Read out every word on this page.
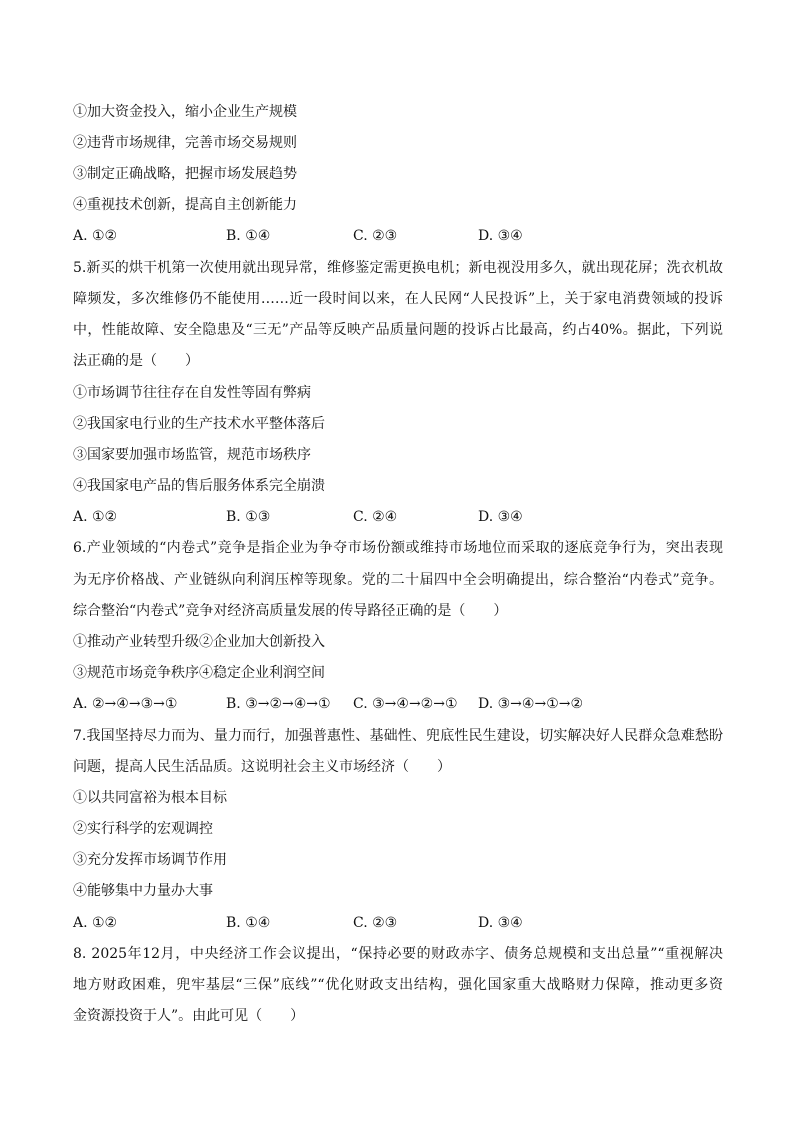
①加大资金投入，缩小企业生产规模
②违背市场规律，完善市场交易规则
③制定正确战略，把握市场发展趋势
④重视技术创新，提高自主创新能力
A. ①②	B. ①④	C. ②③	D. ③④
5.新买的烘干机第一次使用就出现异常，维修鉴定需更换电机；新电视没用多久，就出现花屏；洗衣机故
障频发，多次维修仍不能使用……近一段时间以来，在人民网“人民投诉”上，关于家电消费领域的投诉
中，性能故障、安全隐患及“三无”产品等反映产品质量问题的投诉占比最高，约占40%。据此，下列说
法正确的是（　　）
①市场调节往往存在自发性等固有弊病
②我国家电行业的生产技术水平整体落后
③国家要加强市场监管，规范市场秩序
④我国家电产品的售后服务体系完全崩溃
A. ①②	B. ①③	C. ②④	D. ③④
6.产业领域的“内卷式”竞争是指企业为争夺市场份额或维持市场地位而采取的逐底竞争行为，突出表现
为无序价格战、产业链纵向利润压榨等现象。党的二十届四中全会明确提出，综合整治“内卷式”竞争。
综合整治“内卷式”竞争对经济高质量发展的传导路径正确的是（　　）
①推动产业转型升级②企业加大创新投入
③规范市场竞争秩序④稳定企业利润空间
A. ②→④→③→①	B. ③→②→④→① C. ③→④→②→① D. ③→④→①→②
7.我国坚持尽力而为、量力而行，加强普惠性、基础性、兜底性民生建设，切实解决好人民群众急难愁盼
问题，提高人民生活品质。这说明社会主义市场经济（　　）
①以共同富裕为根本目标
②实行科学的宏观调控
③充分发挥市场调节作用
④能够集中力量办大事
A. ①②	B. ①④	C. ②③	D. ③④
8. 2025年12月，中央经济工作会议提出，“保持必要的财政赤字、债务总规模和支出总量”“重视解决
地方财政困难，兜牢基层“三保”底线”“优化财政支出结构，强化国家重大战略财力保障，推动更多资
金资源投资于人”。由此可见（　　）
